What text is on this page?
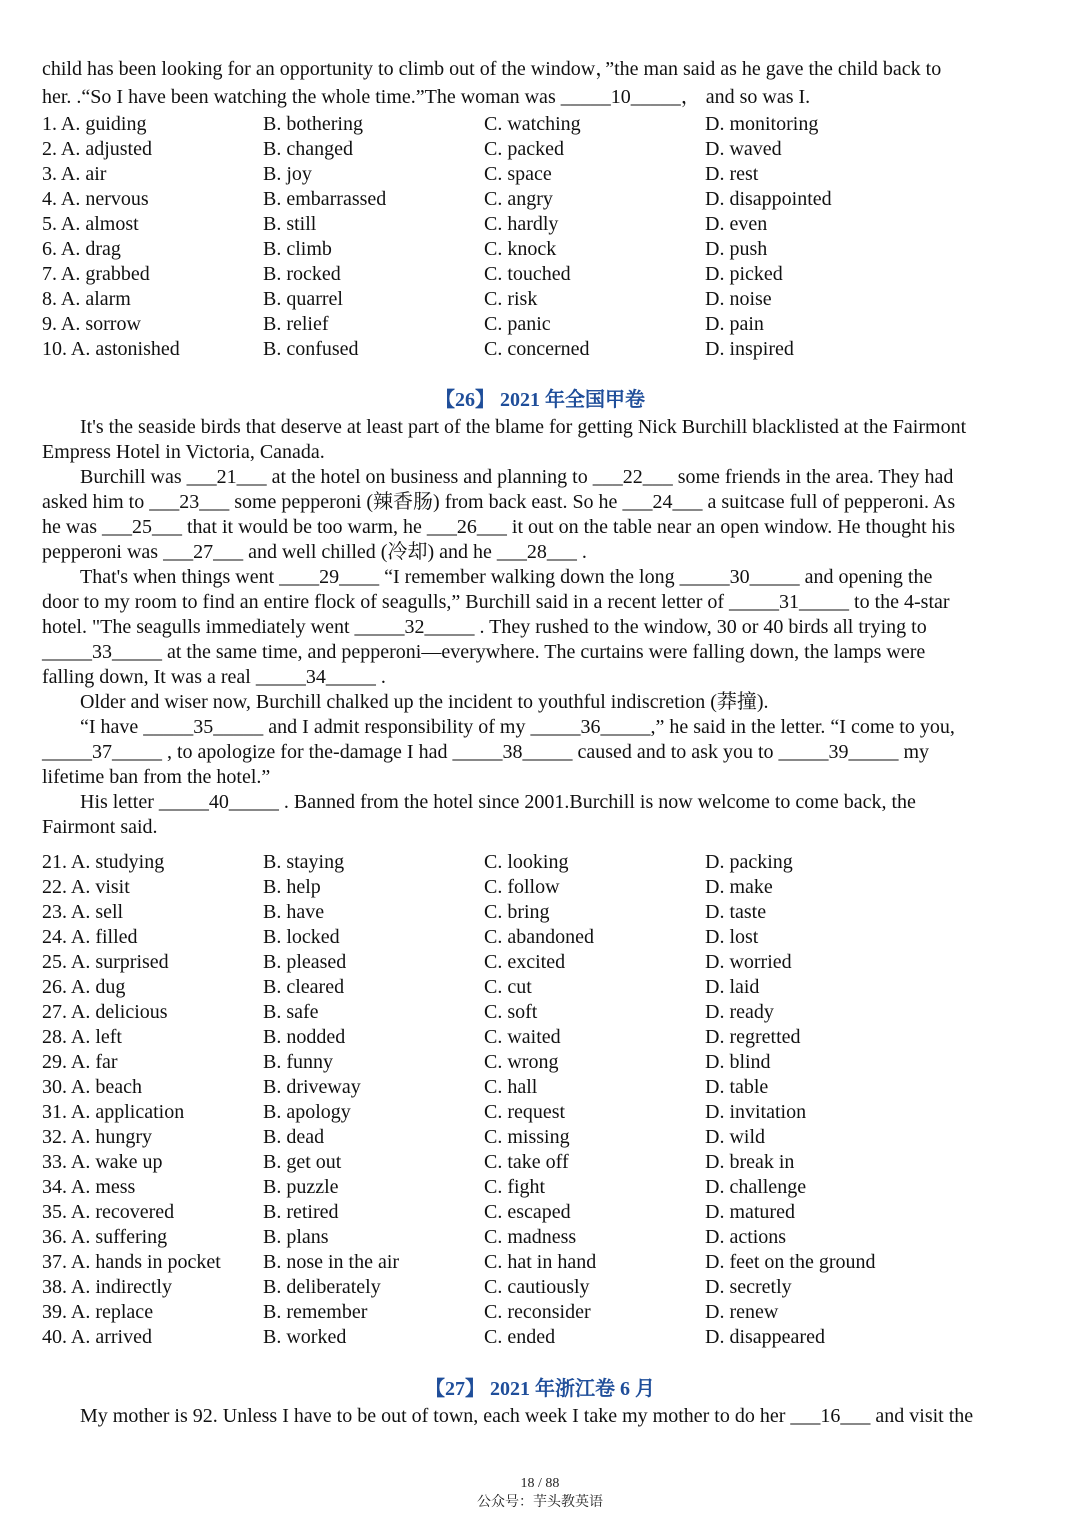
child has been looking for an opportunity to climb out of the window，”the man said as he gave the child back to

her. .“So I have been watching the whole time.”The woman was _____10_____， and so was I.

1. A. guiding	B. bothering	C. watching	D. monitoring
2. A. adjusted	B. changed	C. packed	D. waved
3. A. air	B. joy	C. space	D. rest
4. A. nervous	B. embarrassed	C. angry	D. disappointed
5. A. almost	B. still	C. hardly	D. even
6. A. drag	B. climb	C. knock	D. push
7. A. grabbed	B. rocked	C. touched	D. picked
8. A. alarm	B. quarrel	C. risk	D. noise
9. A. sorrow	B. relief	C. panic	D. pain
10. A. astonished	B. confused	C. concerned	D. inspired
【26】 2021 年全国甲卷

It's the seaside birds that deserve at least part of the blame for getting Nick Burchill blacklisted at the Fairmont

Empress Hotel in Victoria, Canada.

Burchill was ___21___ at the hotel on business and planning to ___22___ some friends in the area. They had

asked him to ___23___ some pepperoni (辣香肠) from back east. So he ___24___ a suitcase full of pepperoni. As

he was ___25___ that it would be too warm, he ___26___ it out on the table near an open window. He thought his

pepperoni was ___27___ and well chilled (冷却) and he ___28___ .

That's when things went ____29____ “I remember walking down the long _____30_____ and opening the

door to my room to find an entire flock of seagulls,” Burchill said in a recent letter of _____31_____ to the 4-star

hotel. "The seagulls immediately went _____32_____ . They rushed to the window, 30 or 40 birds all trying to

_____33_____ at the same time, and pepperoni—everywhere. The curtains were falling down, the lamps were

falling down, It was a real _____34_____ .

Older and wiser now, Burchill chalked up the incident to youthful indiscretion (莽撞).

“I have _____35_____ and I admit responsibility of my _____36_____,” he said in the letter. “I come to you,

_____37_____ , to apologize for the-damage I had _____38_____ caused and to ask you to _____39_____ my

lifetime ban from the hotel.”

His letter _____40_____ . Banned from the hotel since 2001.Burchill is now welcome to come back, the

Fairmont said.

21. A. studying	B. staying	C. looking	D. packing
22. A. visit	B. help	C. follow	D. make
23. A. sell	B. have	C. bring	D. taste
24. A. filled	B. locked	C. abandoned	D. lost
25. A. surprised	B. pleased	C. excited	D. worried
26. A. dug	B. cleared	C. cut	D. laid
27. A. delicious	B. safe	C. soft	D. ready
28. A. left	B. nodded	C. waited	D. regretted
29. A. far	B. funny	C. wrong	D. blind
30. A. beach	B. driveway	C. hall	D. table
31. A. application	B. apology	C. request	D. invitation
32. A. hungry	B. dead	C. missing	D. wild
33. A. wake up	B. get out	C. take off	D. break in
34. A. mess	B. puzzle	C. fight	D. challenge
35. A. recovered	B. retired	C. escaped	D. matured
36. A. suffering	B. plans	C. madness	D. actions
37. A. hands in pocket B. nose in the air	C. hat in hand	D. feet on the ground
38. A. indirectly	B. deliberately	C. cautiously	D. secretly
39. A. replace	B. remember	C. reconsider	D. renew
40. A. arrived	B. worked	C. ended	D. disappeared
【27】 2021 年浙江卷 6 月

My mother is 92. Unless I have to be out of town, each week I take my mother to do her ___16___ and visit the

18 / 88
公众号：芋头教英语
